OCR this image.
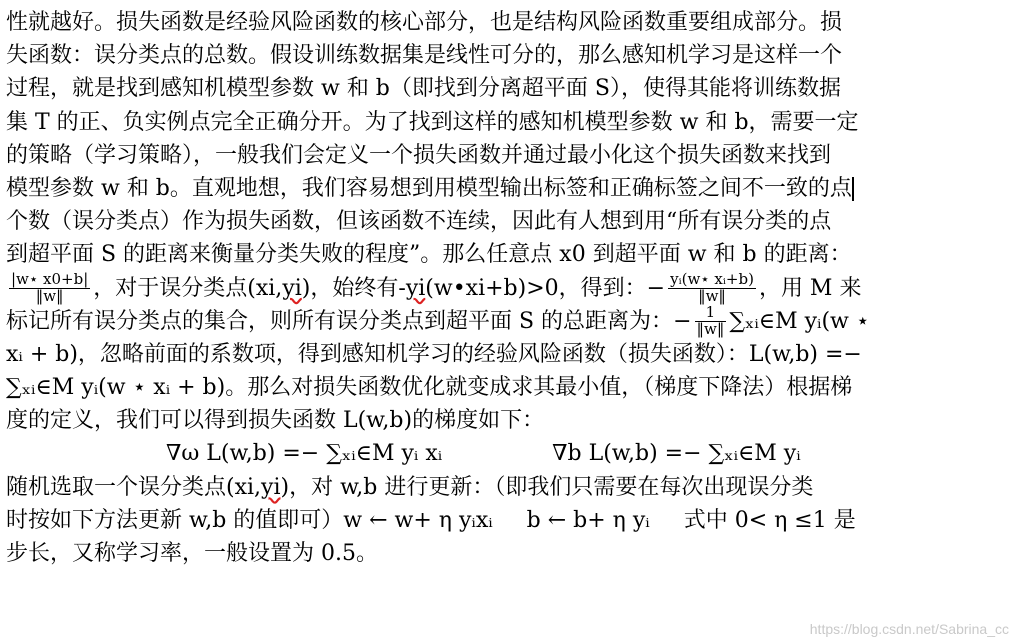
性就越好。损失函数是经验风险函数的核心部分，也是结构风险函数重要组成部分。损
失函数：误分类点的总数。假设训练数据集是线性可分的，那么感知机学习是这样一个
过程，就是找到感知机模型参数 w 和 b（即找到分离超平面 S），使得其能将训练数据
集 T 的正、负实例点完全正确分开。为了找到这样的感知机模型参数 w 和 b，需要一定
的策略（学习策略），一般我们会定义一个损失函数并通过最小化这个损失函数来找到
模型参数 w 和 b。直观地想，我们容易想到用模型输出标签和正确标签之间不一致的点
个数（误分类点）作为损失函数，但该函数不连续，因此有人想到用“所有误分类的点
到超平面 S 的距离来衡量分类失败的程度”。那么任意点 x0 到超平面 w 和 b 的距离：
$\frac{|w⋆ x0+b|}{‖w‖}$ ，对于误分类点(xi,yi)，始终有-yi(w•xi+b)>0，得到：− $\frac{\text{yᵢ(w⋆ xᵢ+b)}}{‖w‖}$ ，用 M 来
标记所有误分类点的集合，则所有误分类点到超平面 S 的总距离为：− $\frac{1}{‖w‖}$ ∑ₓᵢ∈M yᵢ(w ⋆
xᵢ + b)，忽略前面的系数项，得到感知机学习的经验风险函数（损失函数）：L(w,b) =−
∑ₓᵢ∈M yᵢ(w ⋆ xᵢ + b)。那么对损失函数优化就变成求其最小值，（梯度下降法）根据梯
度的定义，我们可以得到损失函数 L(w,b)的梯度如下：
∇ω L(w,b) =− ∑ₓᵢ∈M yᵢ xᵢ	∇b L(w,b) =− ∑ₓᵢ∈M yᵢ
随机选取一个误分类点(xi,yi)，对 w,b 进行更新：（即我们只需要在每次出现误分类
时按如下方法更新 w,b 的值即可）w ← w+ η yᵢxᵢ b ← b+ η yᵢ 式中 0< η ≤1 是
步长，又称学习率，一般设置为 0.5。
https://blog.csdn.net/Sabrina_cc
